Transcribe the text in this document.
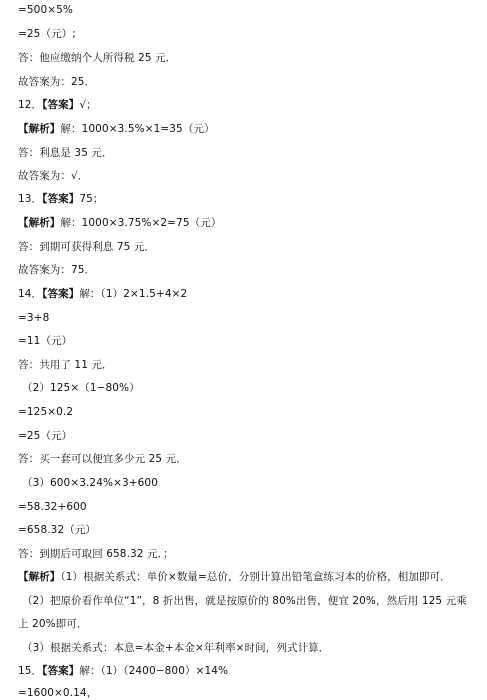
=500×5%
=25（元）;
答：他应缴纳个人所得税 25 元．
故答案为：25．
12．【答案】√；
【解析】解：1000×3.5%×1=35（元）
答：利息是 35 元．
故答案为：√．
13．【答案】75；
【解析】解：1000×3.75%×2=75（元）
答：到期可获得利息 75 元．
故答案为：75．
14．【答案】解：（1）2×1.5+4×2
=3+8
=11（元）
答：共用了 11 元．
（2）125×（1−80%）
=125×0.2
=25（元）
答：买一套可以便宜多少元 25 元．
（3）600×3.24%×3+600
=58.32+600
=658.32（元）
答：到期后可取回 658.32 元．；
【解析】（1）根据关系式：单价×数量=总价，分别计算出铅笔盒练习本的价格，相加即可．
（2）把原价看作单位“1”，8 折出售，就是按原价的 80%出售，便宜 20%，然后用 125 元乘
上 20%即可．
（3）根据关系式：本息=本金+本金×年利率×时间，列式计算．
15．【答案】解：（1）（2400−800）×14%
=1600×0.14，
